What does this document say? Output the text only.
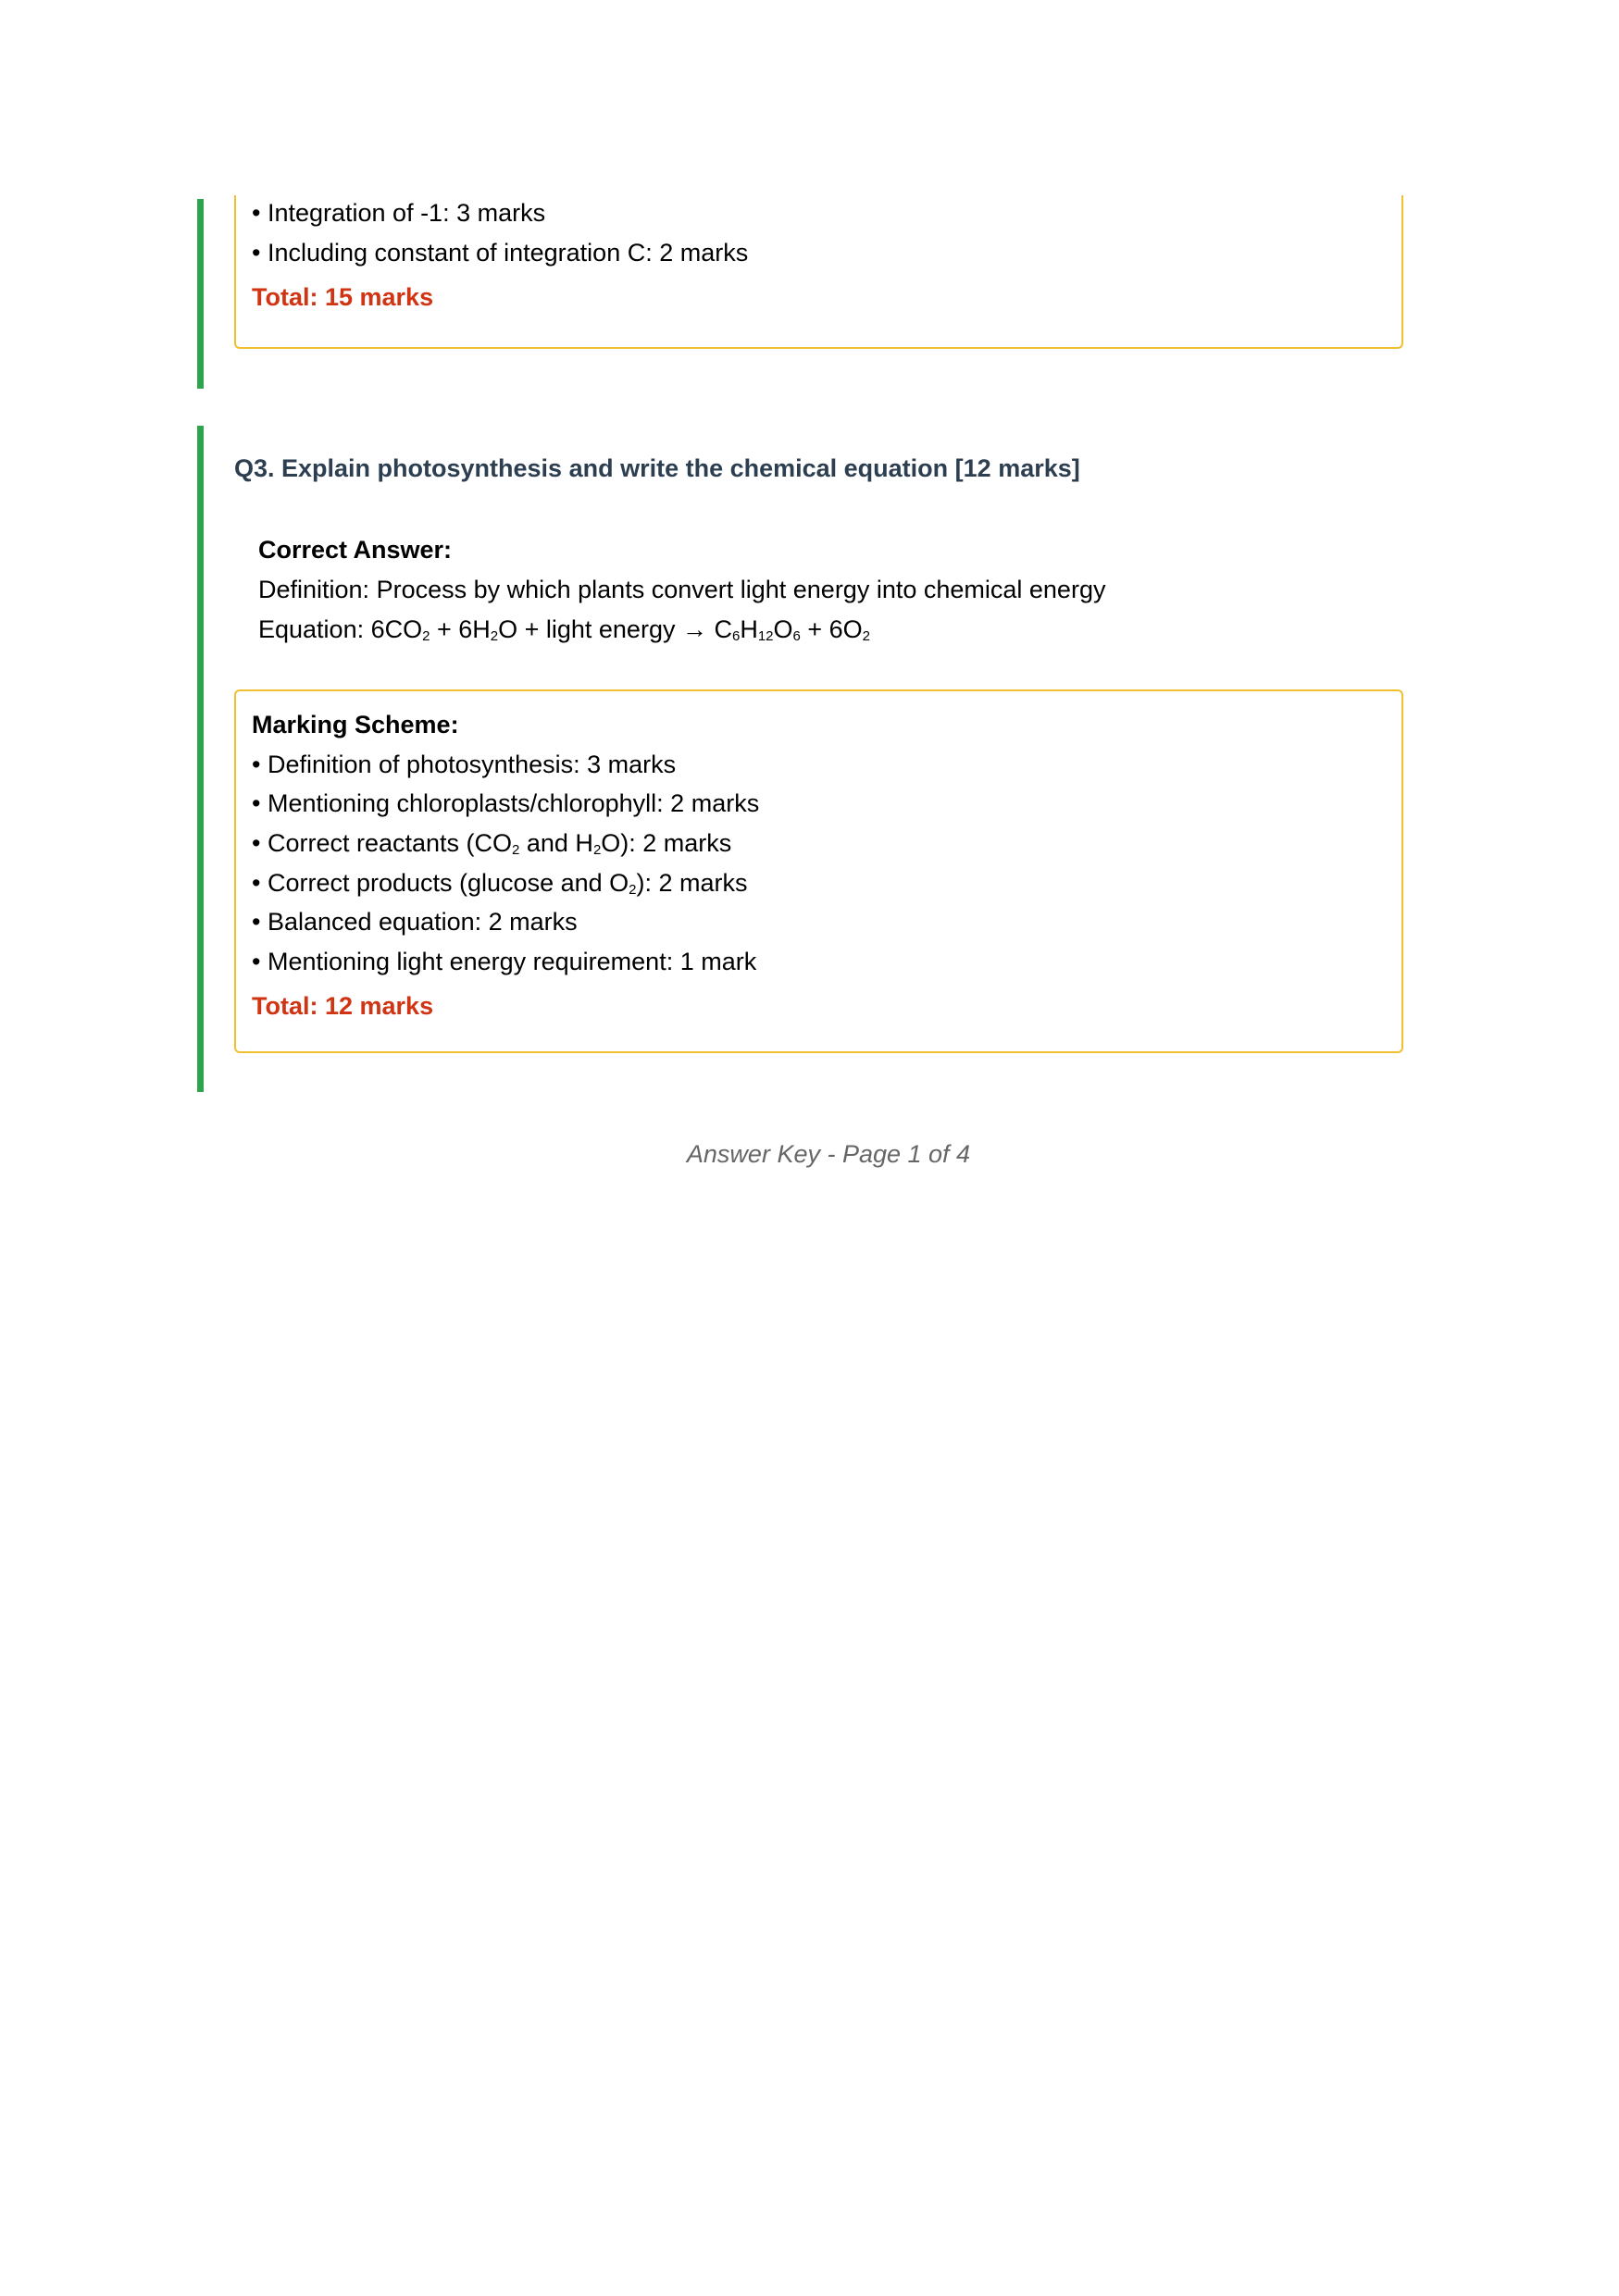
• Integration of -1: 3 marks
• Including constant of integration C: 2 marks
Total: 15 marks
Q3. Explain photosynthesis and write the chemical equation [12 marks]
Correct Answer:
Definition: Process by which plants convert light energy into chemical energy
Equation: $6CO_2 + 6H_2O$ + light energy → $C_6H_{12}O_6 + 6O_2$
Marking Scheme:
• Definition of photosynthesis: 3 marks
• Mentioning chloroplasts/chlorophyll: 2 marks
• Correct reactants ($CO_2$ and $H_2O$): 2 marks
• Correct products (glucose and $O_2$): 2 marks
• Balanced equation: 2 marks
• Mentioning light energy requirement: 1 mark
Total: 12 marks
Answer Key - Page 1 of 4
